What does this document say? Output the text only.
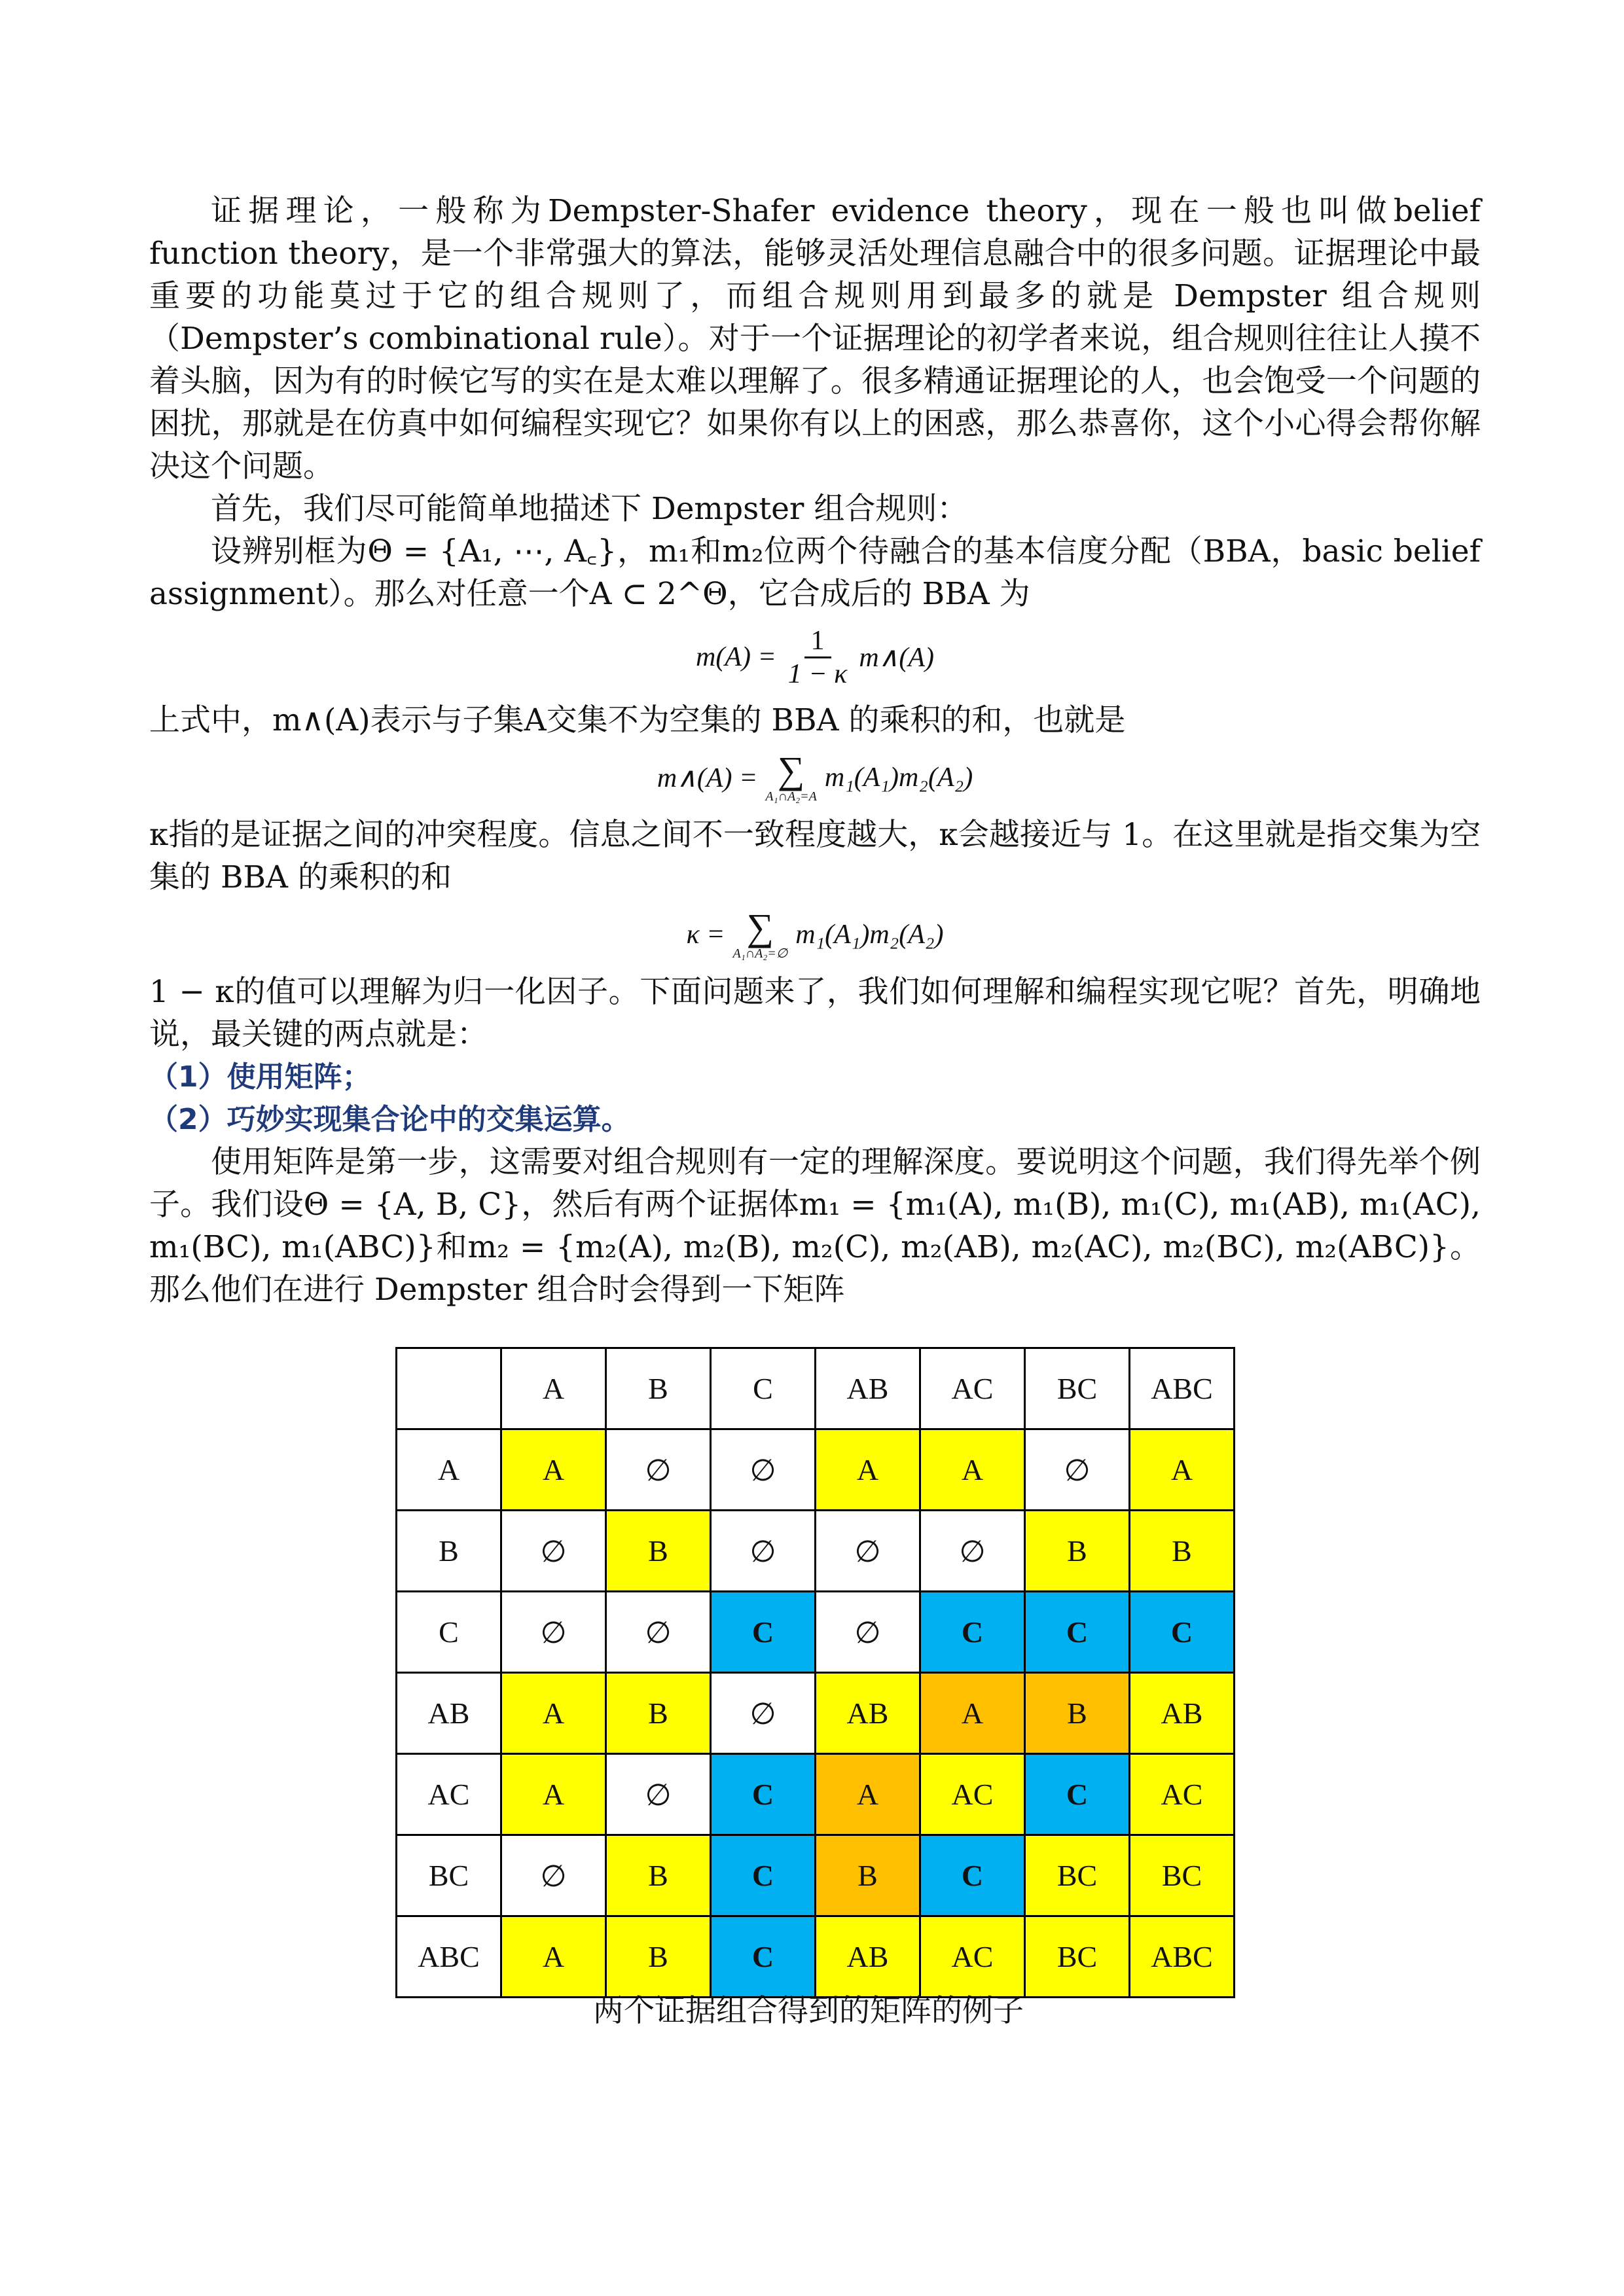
证据理论，一般称为Dempster-Shafer evidence theory，现在一般也叫做belief function theory，是一个非常强大的算法，能够灵活处理信息融合中的很多问题。证据理论中最重要的功能莫过于它的组合规则了，而组合规则用到最多的就是 Dempster 组合规则（Dempster’s combinational rule）。对于一个证据理论的初学者来说，组合规则往往让人摸不着头脑，因为有的时候它写的实在是太难以理解了。很多精通证据理论的人，也会饱受一个问题的困扰，那就是在仿真中如何编程实现它？如果你有以上的困惑，那么恭喜你，这个小心得会帮你解决这个问题。

首先，我们尽可能简单地描述下 Dempster 组合规则：

设辨别框为Θ = {A₁, ⋯, A꜀}，m₁和m₂位两个待融合的基本信度分配（BBA，basic belief assignment）。那么对任意一个A ⊂ 2^Θ，它合成后的 BBA 为

$m(A) = \frac{1}{1 - \kappa}$ m∧(A)

上式中，m∧(A)表示与子集A交集不为空集的 BBA 的乘积的和，也就是

m∧(A) = ∑
A₁∩A₂=A
m₁(A₁)m₂(A₂)

κ指的是证据之间的冲突程度。信息之间不一致程度越大，κ会越接近与 1。在这里就是指交集为空集的 BBA 的乘积的和

κ = ∑
A₁∩A₂=∅
m₁(A₁)m₂(A₂)

1 − κ的值可以理解为归一化因子。下面问题来了，我们如何理解和编程实现它呢？首先，明确地说，最关键的两点就是：

（1）使用矩阵；

（2）巧妙实现集合论中的交集运算。

使用矩阵是第一步，这需要对组合规则有一定的理解深度。要说明这个问题，我们得先举个例子。我们设Θ = {A, B, C}，然后有两个证据体m₁ = {m₁(A), m₁(B), m₁(C), m₁(AB), m₁(AC), m₁(BC), m₁(ABC)}和m₂ = {m₂(A), m₂(B), m₂(C), m₂(AB), m₂(AC), m₂(BC), m₂(ABC)}。那么他们在进行 Dempster 组合时会得到一下矩阵

	A	B	C	AB	AC	BC	ABC
A	A	∅	∅	A	A	∅	A
B	∅	B	∅	∅	∅	B	B
C	∅	∅	C	∅	C	C	C
AB	A	B	∅	AB	A	B	AB
AC	A	∅	C	A	AC	C	AC
BC	∅	B	C	B	C	BC	BC
ABC	A	B	C	AB	AC	BC	ABC
两个证据组合得到的矩阵的例子
